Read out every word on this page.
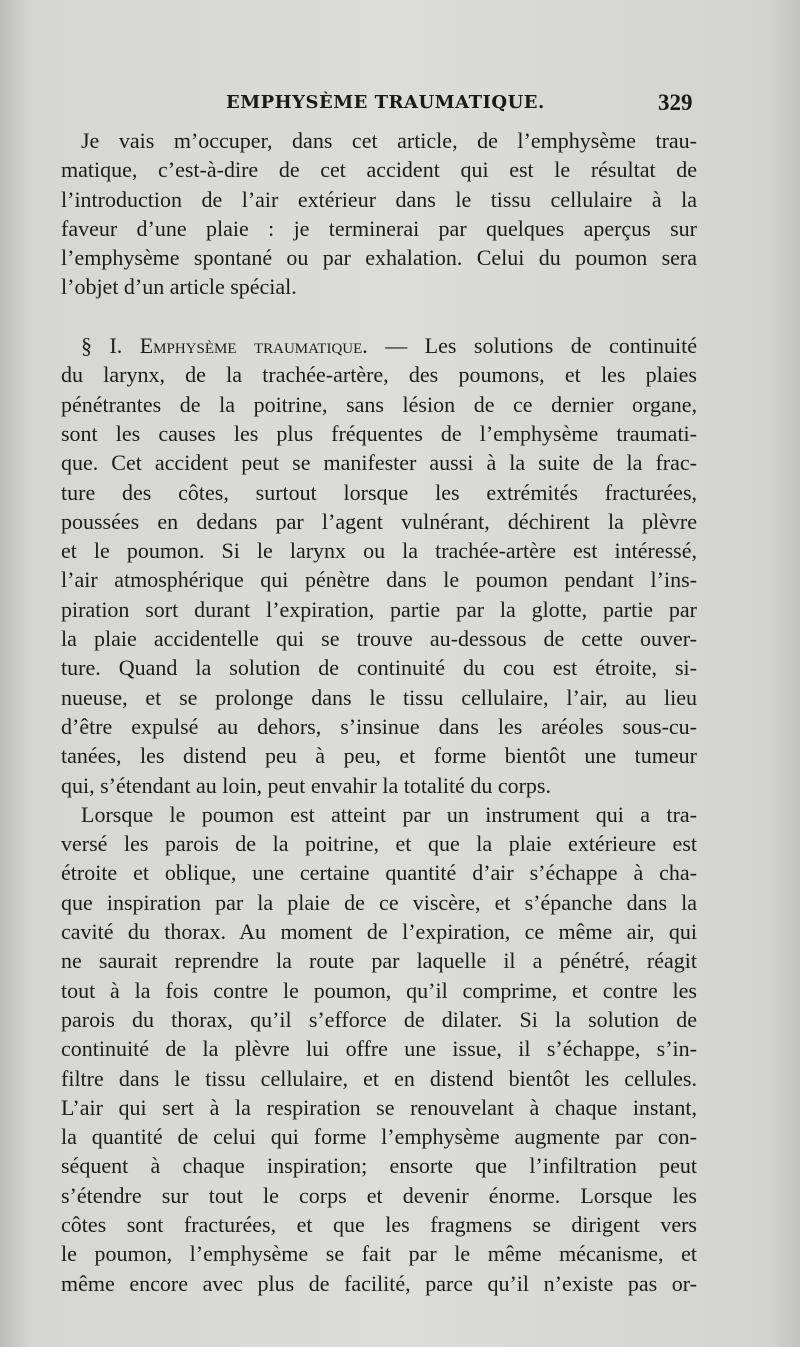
EMPHYSÈME TRAUMATIQUE.	329
Je vais m’occuper, dans cet article, de l’emphysème trau-
matique, c’est-à-dire de cet accident qui est le résultat de
l’introduction de l’air extérieur dans le tissu cellulaire à la
faveur d’une plaie : je terminerai par quelques aperçus sur
l’emphysème spontané ou par exhalation. Celui du poumon sera
l’objet d’un article spécial.
§ I. Emphysème traumatique. — Les solutions de continuité
du larynx, de la trachée-artère, des poumons, et les plaies
pénétrantes de la poitrine, sans lésion de ce dernier organe,
sont les causes les plus fréquentes de l’emphysème traumati-
que. Cet accident peut se manifester aussi à la suite de la frac-
ture des côtes, surtout lorsque les extrémités fracturées,
poussées en dedans par l’agent vulnérant, déchirent la plèvre
et le poumon. Si le larynx ou la trachée-artère est intéressé,
l’air atmosphérique qui pénètre dans le poumon pendant l’ins-
piration sort durant l’expiration, partie par la glotte, partie par
la plaie accidentelle qui se trouve au-dessous de cette ouver-
ture. Quand la solution de continuité du cou est étroite, si-
nueuse, et se prolonge dans le tissu cellulaire, l’air, au lieu
d’être expulsé au dehors, s’insinue dans les aréoles sous-cu-
tanées, les distend peu à peu, et forme bientôt une tumeur
qui, s’étendant au loin, peut envahir la totalité du corps.
Lorsque le poumon est atteint par un instrument qui a tra-
versé les parois de la poitrine, et que la plaie extérieure est
étroite et oblique, une certaine quantité d’air s’échappe à cha-
que inspiration par la plaie de ce viscère, et s’épanche dans la
cavité du thorax. Au moment de l’expiration, ce même air, qui
ne saurait reprendre la route par laquelle il a pénétré, réagit
tout à la fois contre le poumon, qu’il comprime, et contre les
parois du thorax, qu’il s’efforce de dilater. Si la solution de
continuité de la plèvre lui offre une issue, il s’échappe, s’in-
filtre dans le tissu cellulaire, et en distend bientôt les cellules.
L’air qui sert à la respiration se renouvelant à chaque instant,
la quantité de celui qui forme l’emphysème augmente par con-
séquent à chaque inspiration; ensorte que l’infiltration peut
s’étendre sur tout le corps et devenir énorme. Lorsque les
côtes sont fracturées, et que les fragmens se dirigent vers
le poumon, l’emphysème se fait par le même mécanisme, et
même encore avec plus de facilité, parce qu’il n’existe pas or-
